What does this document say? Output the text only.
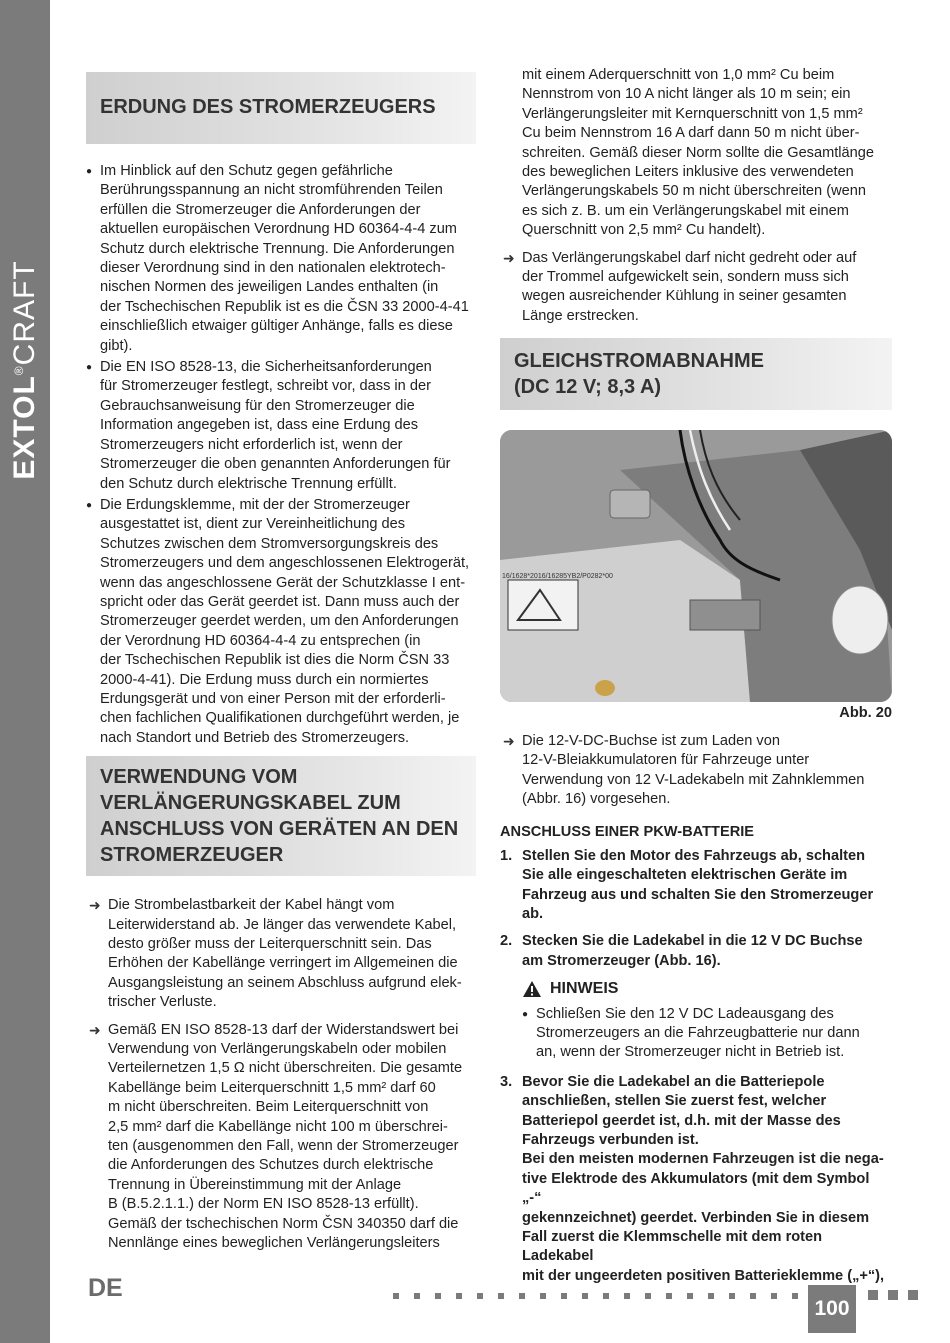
EXTOL®CRAFT
ERDUNG DES STROMERZEUGERS
● Im Hinblick auf den Schutz gegen gefährliche
Berührungsspannung an nicht stromführenden Teilen
erfüllen die Stromerzeuger die Anforderungen der
aktuellen europäischen Verordnung HD 60364-4-4 zum
Schutz durch elektrische Trennung. Die Anforderungen
dieser Verordnung sind in den nationalen elektrotech-
nischen Normen des jeweiligen Landes enthalten (in
der Tschechischen Republik ist es die ČSN 33 2000-4-41
einschließlich etwaiger gültiger Anhänge, falls es diese
gibt).
● Die EN ISO 8528-13, die Sicherheitsanforderungen
für Stromerzeuger festlegt, schreibt vor, dass in der
Gebrauchsanweisung für den Stromerzeuger die
Information angegeben ist, dass eine Erdung des
Stromerzeugers nicht erforderlich ist, wenn der
Stromerzeuger die oben genannten Anforderungen für
den Schutz durch elektrische Trennung erfüllt.
● Die Erdungsklemme, mit der der Stromerzeuger
ausgestattet ist, dient zur Vereinheitlichung des
Schutzes zwischen dem Stromversorgungskreis des
Stromerzeugers und dem angeschlossenen Elektrogerät,
wenn das angeschlossene Gerät der Schutzklasse I ent-
spricht oder das Gerät geerdet ist. Dann muss auch der
Stromerzeuger geerdet werden, um den Anforderungen
der Verordnung HD 60364-4-4 zu entsprechen (in
der Tschechischen Republik ist dies die Norm ČSN 33
2000-4-41). Die Erdung muss durch ein normiertes
Erdungsgerät und von einer Person mit der erforderli-
chen fachlichen Qualifikationen durchgeführt werden, je
nach Standort und Betrieb des Stromerzeugers.
VERWENDUNG VOM
VERLÄNGERUNGSKABEL ZUM
ANSCHLUSS VON GERÄTEN AN DEN
STROMERZEUGER
➜ Die Strombelastbarkeit der Kabel hängt vom
Leiterwiderstand ab. Je länger das verwendete Kabel,
desto größer muss der Leiterquerschnitt sein. Das
Erhöhen der Kabellänge verringert im Allgemeinen die
Ausgangsleistung an seinem Abschluss aufgrund elek-
trischer Verluste.
➜ Gemäß EN ISO 8528-13 darf der Widerstandswert bei
Verwendung von Verlängerungskabeln oder mobilen
Verteilernetzen 1,5 Ω nicht überschreiten. Die gesamte
Kabellänge beim Leiterquerschnitt 1,5 mm² darf 60
m nicht überschreiten. Beim Leiterquerschnitt von
2,5 mm² darf die Kabellänge nicht 100 m überschrei-
ten (ausgenommen den Fall, wenn der Stromerzeuger
die Anforderungen des Schutzes durch elektrische
Trennung in Übereinstimmung mit der Anlage
B (B.5.2.1.1.) der Norm EN ISO 8528-13 erfüllt).
Gemäß der tschechischen Norm ČSN 340350 darf die
Nennlänge eines beweglichen Verlängerungsleiters
mit einem Aderquerschnitt von 1,0 mm² Cu beim
Nennstrom von 10 A nicht länger als 10 m sein; ein
Verlängerungsleiter mit Kernquerschnitt von 1,5 mm²
Cu beim Nennstrom 16 A darf dann 50 m nicht über-
schreiten. Gemäß dieser Norm sollte die Gesamtlänge
des beweglichen Leiters inklusive des verwendeten
Verlängerungskabels 50 m nicht überschreiten (wenn
es sich z. B. um ein Verlängerungskabel mit einem
Querschnitt von 2,5 mm² Cu handelt).
➜ Das Verlängerungskabel darf nicht gedreht oder auf
der Trommel aufgewickelt sein, sondern muss sich
wegen ausreichender Kühlung in seiner gesamten
Länge erstrecken.
GLEICHSTROMABNAHME
(DC 12 V; 8,3 A)
16/1628*2016/16285YB2/P0282*00
Abb. 20
➜ Die 12-V-DC-Buchse ist zum Laden von
12-V-Bleiakkumulatoren für Fahrzeuge unter
Verwendung von 12 V-Ladekabeln mit Zahnklemmen
(Abbr. 16) vorgesehen.
ANSCHLUSS EINER PKW-BATTERIE
1. Stellen Sie den Motor des Fahrzeugs ab, schalten
Sie alle eingeschalteten elektrischen Geräte im
Fahrzeug aus und schalten Sie den Stromerzeuger ab.
2. Stecken Sie die Ladekabel in die 12 V DC Buchse
am Stromerzeuger (Abb. 16).
HINWEIS
● Schließen Sie den 12 V DC Ladeausgang des
Stromerzeugers an die Fahrzeugbatterie nur dann
an, wenn der Stromerzeuger nicht in Betrieb ist.
3. Bevor Sie die Ladekabel an die Batteriepole
anschließen, stellen Sie zuerst fest, welcher
Batteriepol geerdet ist, d.h. mit der Masse des
Fahrzeugs verbunden ist.
Bei den meisten modernen Fahrzeugen ist die nega-
tive Elektrode des Akkumulators (mit dem Symbol „-“
gekennzeichnet) geerdet. Verbinden Sie in diesem
Fall zuerst die Klemmschelle mit dem roten Ladekabel
mit der ungeerdeten positiven Batterieklemme („+“),
DE
100
